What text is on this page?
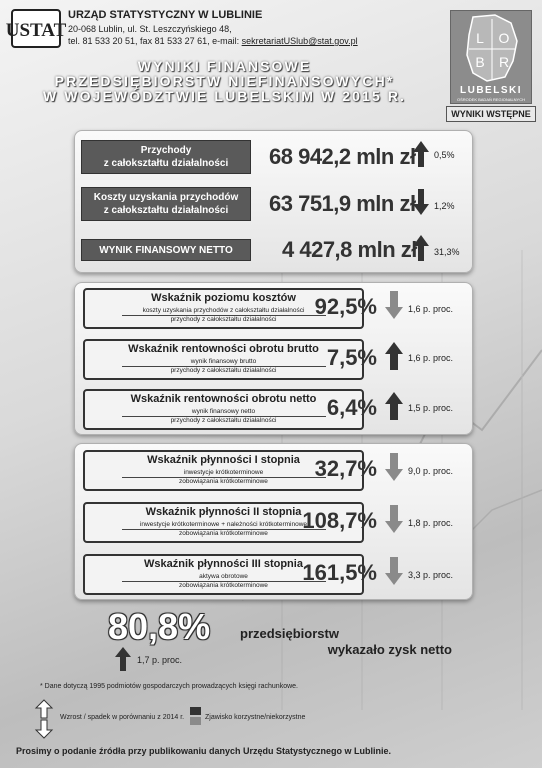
USTAT
URZĄD STATYSTYCZNY W LUBLINIE
20-068 Lublin, ul. St. Leszczyńskiego 48,
tel. 81 533 20 51, fax 81 533 27 61, e-mail: sekretariatUSlub@stat.gov.pl
WYNIKI FINANSOWE
PRZEDSIĘBIORSTW NIEFINANSOWYCH*
W WOJEWÓDZTWIE LUBELSKIM W 2015 R.
L O
B R
LUBELSKI
OŚRODEK BADAŃ REGIONALNYCH
WYNIKI WSTĘPNE
Przychody
z całokształtu działalności 68 942,2 mln zł 0,5%
Koszty uzyskania przychodów
z całokształtu działalności 63 751,9 mln zł 1,2%
WYNIK FINANSOWY NETTO 4 427,8 mln zł 31,3%
Wskaźnik poziomu kosztów
koszty uzyskania przychodów z całokształtu działalności
przychody z całokształtu działalności
92,5%	1,6 p. proc.
Wskaźnik rentowności obrotu brutto
wynik finansowy brutto
przychody z całokształtu działalności
7,5%	1,6 p. proc.
Wskaźnik rentowności obrotu netto
wynik finansowy netto
przychody z całokształtu działalności
6,4%	1,5 p. proc.
Wskaźnik płynności I stopnia
inwestycje krótkoterminowe
zobowiązania krótkoterminowe
32,7%	9,0 p. proc.
Wskaźnik płynności II stopnia
inwestycje krótkoterminowe + należności krótkoterminowe
zobowiązania krótkoterminowe
108,7%	1,8 p. proc.
Wskaźnik płynności III stopnia
aktywa obrotowe
zobowiązania krótkoterminowe
161,5%	3,3 p. proc.
80,8% przedsiębiorstw
wykazało zysk netto
1,7 p. proc.
* Dane dotyczą 1995 podmiotów gospodarczych prowadzących księgi rachunkowe.
Wzrost / spadek w porównaniu z 2014 r.	Zjawisko korzystne/niekorzystne
Prosimy o podanie źródła przy publikowaniu danych Urzędu Statystycznego w Lublinie.
